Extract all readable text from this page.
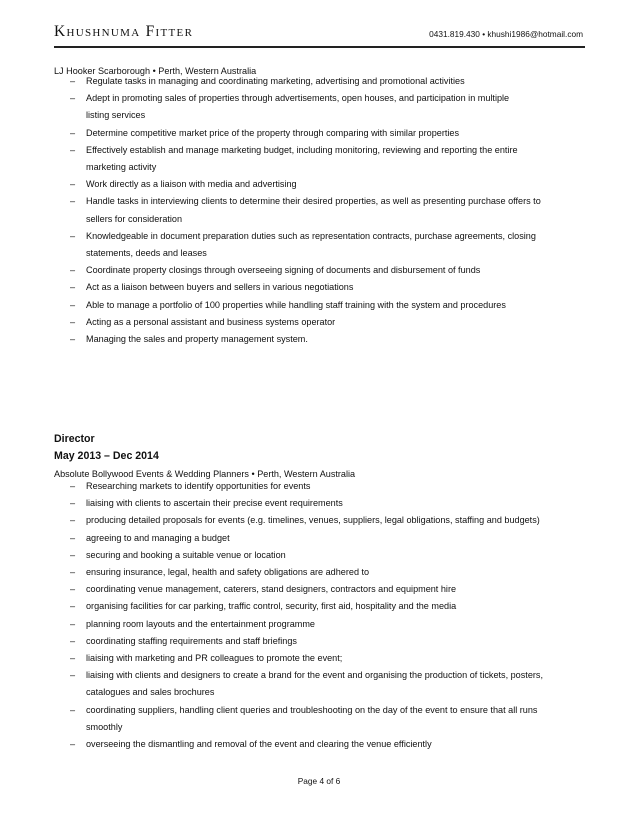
Khushnuma Fitter	0431.819.430 • khushi1986@hotmail.com
LJ Hooker Scarborough • Perth, Western Australia
– Regulate tasks in managing and coordinating marketing, advertising and promotional activities
– Adept in promoting sales of properties through advertisements, open houses, and participation in multiple
listing services
– Determine competitive market price of the property through comparing with similar properties
– Effectively establish and manage marketing budget, including monitoring, reviewing and reporting the entire
marketing activity
– Work directly as a liaison with media and advertising
– Handle tasks in interviewing clients to determine their desired properties, as well as presenting purchase offers to
sellers for consideration
– Knowledgeable in document preparation duties such as representation contracts, purchase agreements, closing
statements, deeds and leases
– Coordinate property closings through overseeing signing of documents and disbursement of funds
– Act as a liaison between buyers and sellers in various negotiations
– Able to manage a portfolio of 100 properties while handling staff training with the system and procedures
– Acting as a personal assistant and business systems operator
– Managing the sales and property management system.
Director
May 2013 – Dec 2014
Absolute Bollywood Events & Wedding Planners • Perth, Western Australia
– Researching markets to identify opportunities for events
– liaising with clients to ascertain their precise event requirements
– producing detailed proposals for events (e.g. timelines, venues, suppliers, legal obligations, staffing and budgets)
– agreeing to and managing a budget
– securing and booking a suitable venue or location
– ensuring insurance, legal, health and safety obligations are adhered to
– coordinating venue management, caterers, stand designers, contractors and equipment hire
– organising facilities for car parking, traffic control, security, first aid, hospitality and the media
– planning room layouts and the entertainment programme
– coordinating staffing requirements and staff briefings
– liaising with marketing and PR colleagues to promote the event;
– liaising with clients and designers to create a brand for the event and organising the production of tickets, posters,
catalogues and sales brochures
– coordinating suppliers, handling client queries and troubleshooting on the day of the event to ensure that all runs
smoothly
– overseeing the dismantling and removal of the event and clearing the venue efficiently
Page 4 of 6
